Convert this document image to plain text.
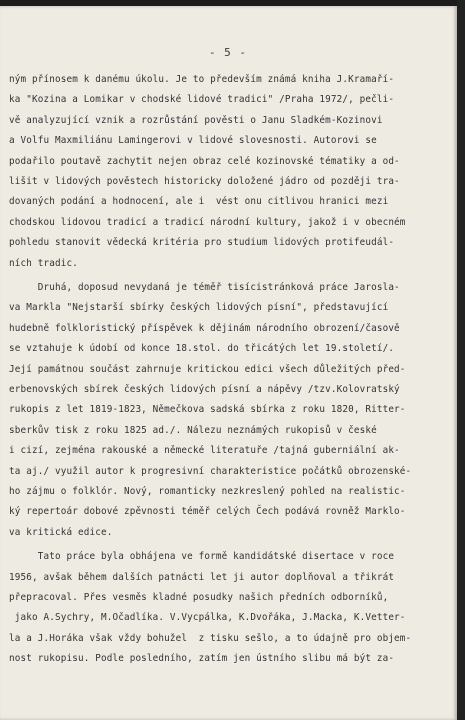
- 5 -
ným přínosem k danému úkolu. Je to především známá kniha J.Kramaří-
ka "Kozina a Lomikar v chodské lidové tradici" /Praha 1972/, pečli-
vě analyzující vznik a rozrůstání pověsti o Janu Sladkém-Kozinovi
a Volfu Maxmiliánu Lamingerovi v lidové slovesnosti. Autorovi se
podařilo poutavě zachytit nejen obraz celé kozinovské tématiky a od-
lišit v lidových pověstech historicky doložené jádro od později tra-
dovaných podání a hodnocení, ale i  vést onu citlivou hranici mezi
chodskou lidovou tradicí a tradicí národní kultury, jakož i v obecném
pohledu stanovit vědecká kritéria pro studium lidových protifeudál-
ních tradic.
Druhá, doposud nevydaná je téměř tisícistránková práce Jarosla-
va Markla "Nejstarší sbírky českých lidových písní", představující
hudebně folkloristický příspěvek k dějinám národního obrození/časově
se vztahuje k údobí od konce 18.stol. do třicátých let 19.století/.
Její památnou součást zahrnuje kritickou edici všech důležitých před-
erbenovských sbírek českých lidových písní a nápěvy /tzv.Kolovratský
rukopis z let 1819-1823, Němečkova sadská sbírka z roku 1820, Ritter-
sberkův tisk z roku 1825 ad./. Nálezu neznámých rukopisů v české
i cizí, zejména rakouské a německé literatuře /tajná guberniální ak-
ta aj./ využil autor k progresivní charakteristice počátků obrozenské-
ho zájmu o folklór. Nový, romanticky nezkreslený pohled na realistic-
ký repertoár dobové zpěvnosti téměř celých Čech podává rovněž Marklo-
va kritická edice.
Tato práce byla obhájena ve formě kandidátské disertace v roce
1956, avšak během dalších patnácti let ji autor doplňoval a třikrát
přepracoval. Přes vesměs kladné posudky našich předních odborníků,
jako A.Sychry, M.Očadlíka. V.Vycpálka, K.Dvořáka, J.Macka, K.Vetter-
la a J.Horáka však vždy bohužel  z tisku sešlo, a to údajně pro objem-
nost rukopisu. Podle posledního, zatím jen ústního slibu má být za-
